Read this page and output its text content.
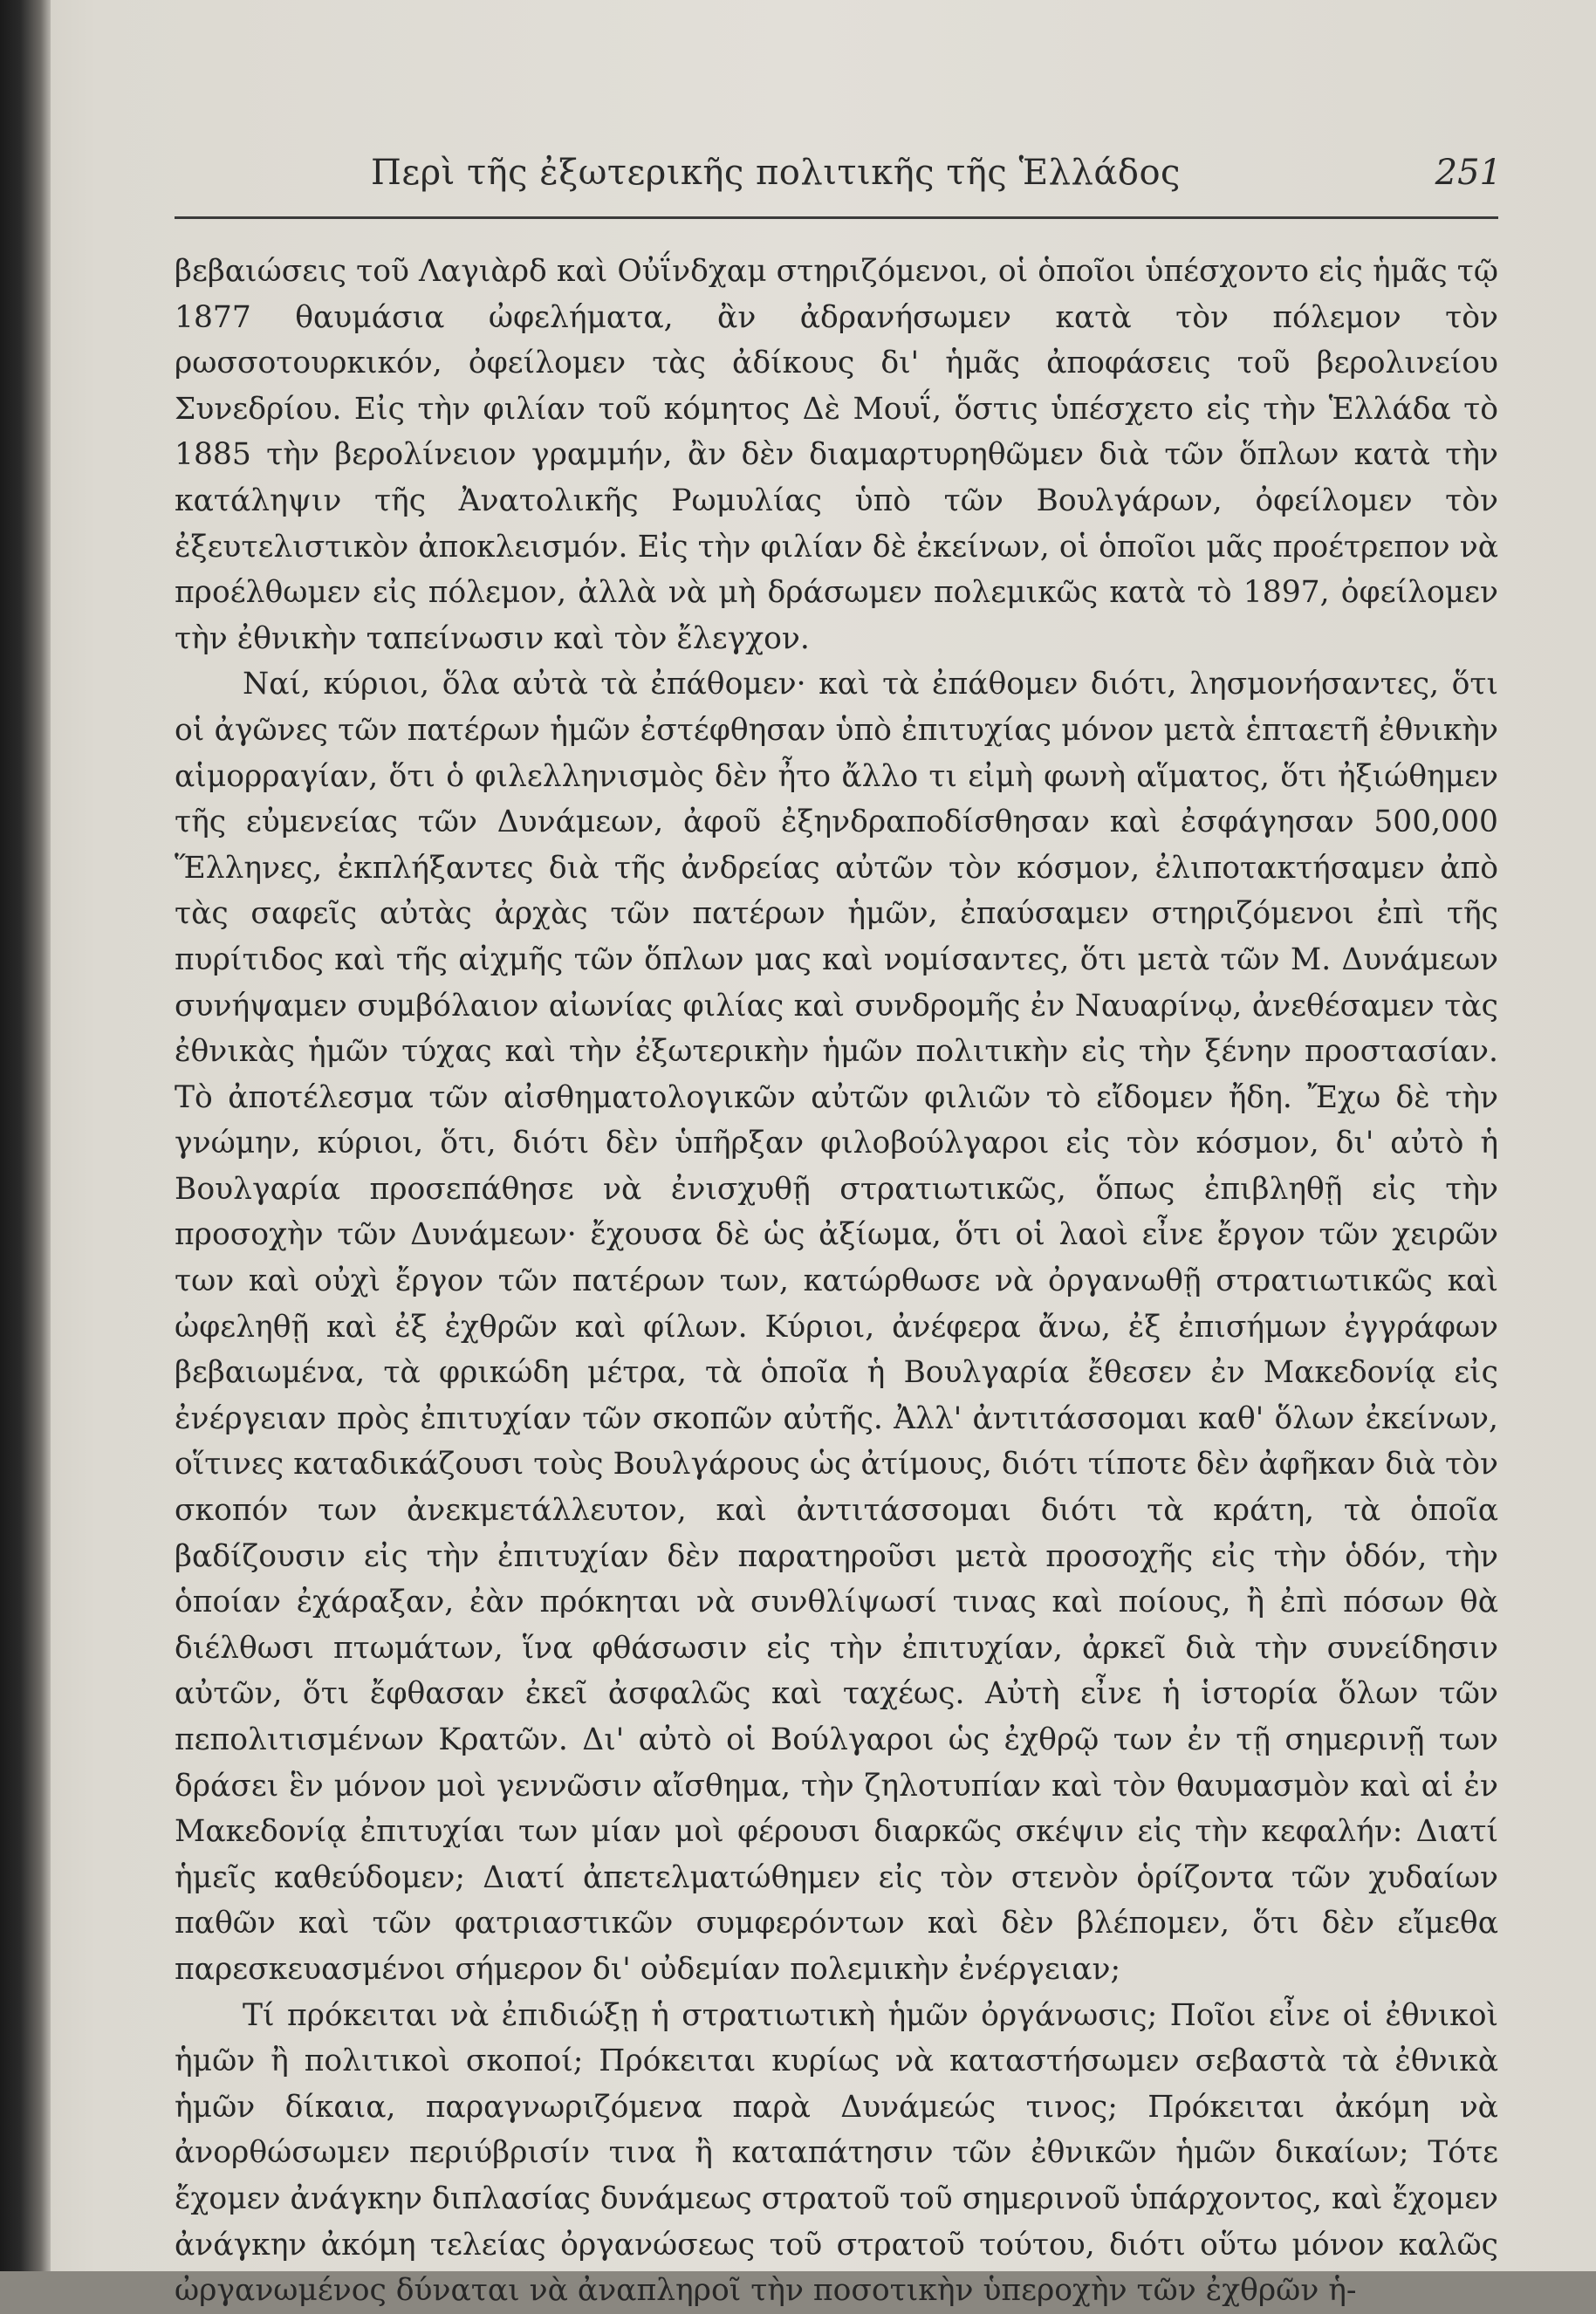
Περὶ τῆς ἐξωτερικῆς πολιτικῆς τῆς Ἑλλάδος	251

βεβαιώσεις τοῦ Λαγιὰρδ καὶ Οὐΐνδχαμ στηριζόμενοι, οἱ ὁποῖοι ὑπέσχοντο εἰς ἡμᾶς τῷ 1877 θαυμάσια ὠφελήματα, ἂν ἀδρανήσωμεν κατὰ τὸν πόλεμον τὸν ρωσσοτουρκικόν, ὀφείλομεν τὰς ἀδίκους δι' ἡμᾶς ἀποφάσεις τοῦ βερολινείου Συνεδρίου. Εἰς τὴν φιλίαν τοῦ κόμητος Δὲ Μουΐ, ὅστις ὑπέσχετο εἰς τὴν Ἑλλάδα τὸ 1885 τὴν βερολίνειον γραμμήν, ἂν δὲν διαμαρτυρηθῶμεν διὰ τῶν ὅπλων κατὰ τὴν κατάληψιν τῆς Ἀνατολικῆς Ρωμυλίας ὑπὸ τῶν Βουλγάρων, ὀφείλομεν τὸν ἐξευτελιστικὸν ἀποκλεισμόν. Εἰς τὴν φιλίαν δὲ ἐκείνων, οἱ ὁποῖοι μᾶς προέτρεπον νὰ προέλθωμεν εἰς πόλεμον, ἀλλὰ νὰ μὴ δράσωμεν πολεμικῶς κατὰ τὸ 1897, ὀφείλομεν τὴν ἐθνικὴν ταπείνωσιν καὶ τὸν ἔλεγχον.

Ναί, κύριοι, ὅλα αὐτὰ τὰ ἐπάθομεν· καὶ τὰ ἐπάθομεν διότι, λησμονήσαντες, ὅτι οἱ ἀγῶνες τῶν πατέρων ἡμῶν ἐστέφθησαν ὑπὸ ἐπιτυχίας μόνον μετὰ ἑπταετῆ ἐθνικὴν αἱμορραγίαν, ὅτι ὁ φιλελληνισμὸς δὲν ἦτο ἄλλο τι εἰμὴ φωνὴ αἵματος, ὅτι ἠξιώθημεν τῆς εὐμενείας τῶν Δυνάμεων, ἀφοῦ ἐξηνδραποδίσθησαν καὶ ἐσφάγησαν 500,000 Ἕλληνες, ἐκπλήξαντες διὰ τῆς ἀνδρείας αὐτῶν τὸν κόσμον, ἐλιποτακτήσαμεν ἀπὸ τὰς σαφεῖς αὐτὰς ἀρχὰς τῶν πατέρων ἡμῶν, ἐπαύσαμεν στηριζόμενοι ἐπὶ τῆς πυρίτιδος καὶ τῆς αἰχμῆς τῶν ὅπλων μας καὶ νομίσαντες, ὅτι μετὰ τῶν Μ. Δυνάμεων συνήψαμεν συμβόλαιον αἰωνίας φιλίας καὶ συνδρομῆς ἐν Ναυαρίνῳ, ἀνεθέσαμεν τὰς ἐθνικὰς ἡμῶν τύχας καὶ τὴν ἐξωτερικὴν ἡμῶν πολιτικὴν εἰς τὴν ξένην προστασίαν. Τὸ ἀποτέλεσμα τῶν αἰσθηματολογικῶν αὐτῶν φιλιῶν τὸ εἴδομεν ἤδη. Ἔχω δὲ τὴν γνώμην, κύριοι, ὅτι, διότι δὲν ὑπῆρξαν φιλοβούλγαροι εἰς τὸν κόσμον, δι' αὐτὸ ἡ Βουλγαρία προσεπάθησε νὰ ἐνισχυθῇ στρατιωτικῶς, ὅπως ἐπιβληθῇ εἰς τὴν προσοχὴν τῶν Δυνάμεων· ἔχουσα δὲ ὡς ἀξίωμα, ὅτι οἱ λαοὶ εἶνε ἔργον τῶν χειρῶν των καὶ οὐχὶ ἔργον τῶν πατέρων των, κατώρθωσε νὰ ὀργανωθῇ στρατιωτικῶς καὶ ὠφεληθῇ καὶ ἐξ ἐχθρῶν καὶ φίλων. Κύριοι, ἀνέφερα ἄνω, ἐξ ἐπισήμων ἐγγράφων βεβαιωμένα, τὰ φρικώδη μέτρα, τὰ ὁποῖα ἡ Βουλγαρία ἔθεσεν ἐν Μακεδονίᾳ εἰς ἐνέργειαν πρὸς ἐπιτυχίαν τῶν σκοπῶν αὐτῆς. Ἀλλ' ἀντιτάσσομαι καθ' ὅλων ἐκείνων, οἵτινες καταδικάζουσι τοὺς Βουλγάρους ὡς ἀτίμους, διότι τίποτε δὲν ἀφῆκαν διὰ τὸν σκοπόν των ἀνεκμετάλλευτον, καὶ ἀντιτάσσομαι διότι τὰ κράτη, τὰ ὁποῖα βαδίζουσιν εἰς τὴν ἐπιτυχίαν δὲν παρατηροῦσι μετὰ προσοχῆς εἰς τὴν ὁδόν, τὴν ὁποίαν ἐχάραξαν, ἐὰν πρόκηται νὰ συνθλίψωσί τινας καὶ ποίους, ἢ ἐπὶ πόσων θὰ διέλθωσι πτωμάτων, ἵνα φθάσωσιν εἰς τὴν ἐπιτυχίαν, ἀρκεῖ διὰ τὴν συνείδησιν αὐτῶν, ὅτι ἔφθασαν ἐκεῖ ἀσφαλῶς καὶ ταχέως. Αὐτὴ εἶνε ἡ ἱστορία ὅλων τῶν πεπολιτισμένων Κρατῶν. Δι' αὐτὸ οἱ Βούλγαροι ὡς ἐχθρῷ των ἐν τῇ σημερινῇ των δράσει ἓν μόνον μοὶ γεννῶσιν αἴσθημα, τὴν ζηλοτυπίαν καὶ τὸν θαυμασμὸν καὶ αἱ ἐν Μακεδονίᾳ ἐπιτυχίαι των μίαν μοὶ φέρουσι διαρκῶς σκέψιν εἰς τὴν κεφαλήν: Διατί ἡμεῖς καθεύδομεν; Διατί ἀπετελματώθημεν εἰς τὸν στενὸν ὁρίζοντα τῶν χυδαίων παθῶν καὶ τῶν φατριαστικῶν συμφερόντων καὶ δὲν βλέπομεν, ὅτι δὲν εἴμεθα παρεσκευασμένοι σήμερον δι' οὐδεμίαν πολεμικὴν ἐνέργειαν;

Τί πρόκειται νὰ ἐπιδιώξῃ ἡ στρατιωτικὴ ἡμῶν ὀργάνωσις; Ποῖοι εἶνε οἱ ἐθνικοὶ ἡμῶν ἢ πολιτικοὶ σκοποί; Πρόκειται κυρίως νὰ καταστήσωμεν σεβαστὰ τὰ ἐθνικὰ ἡμῶν δίκαια, παραγνωριζόμενα παρὰ Δυνάμεώς τινος; Πρόκειται ἀκόμη νὰ ἀνορθώσωμεν περιύβρισίν τινα ἢ καταπάτησιν τῶν ἐθνικῶν ἡμῶν δικαίων; Τότε ἔχομεν ἀνάγκην διπλασίας δυνάμεως στρατοῦ τοῦ σημερινοῦ ὑπάρχοντος, καὶ ἔχομεν ἀνάγκην ἀκόμη τελείας ὀργανώσεως τοῦ στρατοῦ τούτου, διότι οὕτω μόνον καλῶς ὠργανωμένος δύναται νὰ ἀναπληροῖ τὴν ποσοτικὴν ὑπεροχὴν τῶν ἐχθρῶν ἡ-
